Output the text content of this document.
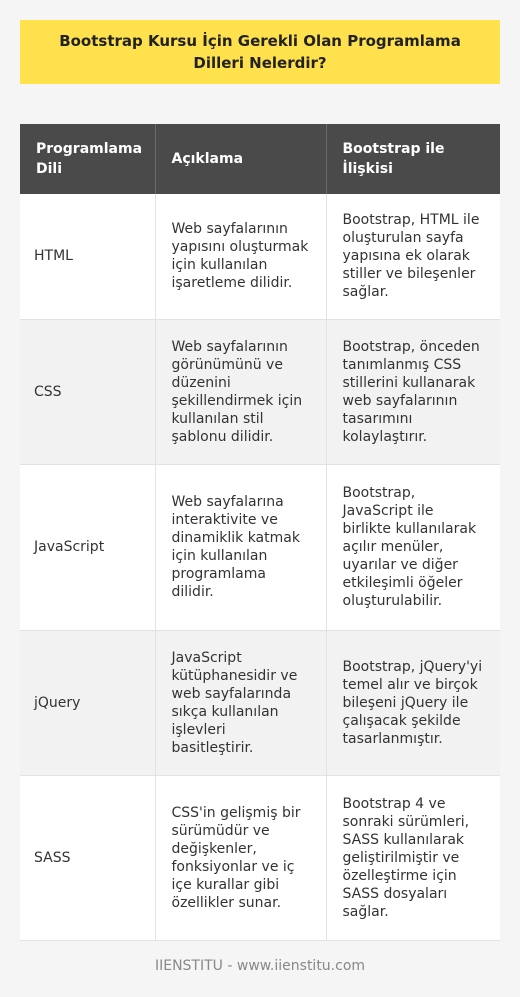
Bootstrap Kursu İçin Gerekli Olan Programlama Dilleri Nelerdir?
Programlama Dili	Açıklama	Bootstrap ile İlişkisi
HTML	Web sayfalarının yapısını oluşturmak için kullanılan işaretleme dilidir.	Bootstrap, HTML ile oluşturulan sayfa yapısına ek olarak stiller ve bileşenler sağlar.
CSS	Web sayfalarının görünümünü ve düzenini şekillendirmek için kullanılan stil şablonu dilidir.	Bootstrap, önceden tanımlanmış CSS stillerini kullanarak web sayfalarının tasarımını kolaylaştırır.
JavaScript	Web sayfalarına interaktivite ve dinamiklik katmak için kullanılan programlama dilidir.	Bootstrap, JavaScript ile birlikte kullanılarak açılır menüler, uyarılar ve diğer etkileşimli öğeler oluşturulabilir.
jQuery	JavaScript kütüphanesidir ve web sayfalarında sıkça kullanılan işlevleri basitleştirir.	Bootstrap, jQuery'yi temel alır ve birçok bileşeni jQuery ile çalışacak şekilde tasarlanmıştır.
SASS	CSS'in gelişmiş bir sürümüdür ve değişkenler, fonksiyonlar ve iç içe kurallar gibi özellikler sunar.	Bootstrap 4 ve sonraki sürümleri, SASS kullanılarak geliştirilmiştir ve özelleştirme için SASS dosyaları sağlar.
IIENSTITU - www.iienstitu.com
